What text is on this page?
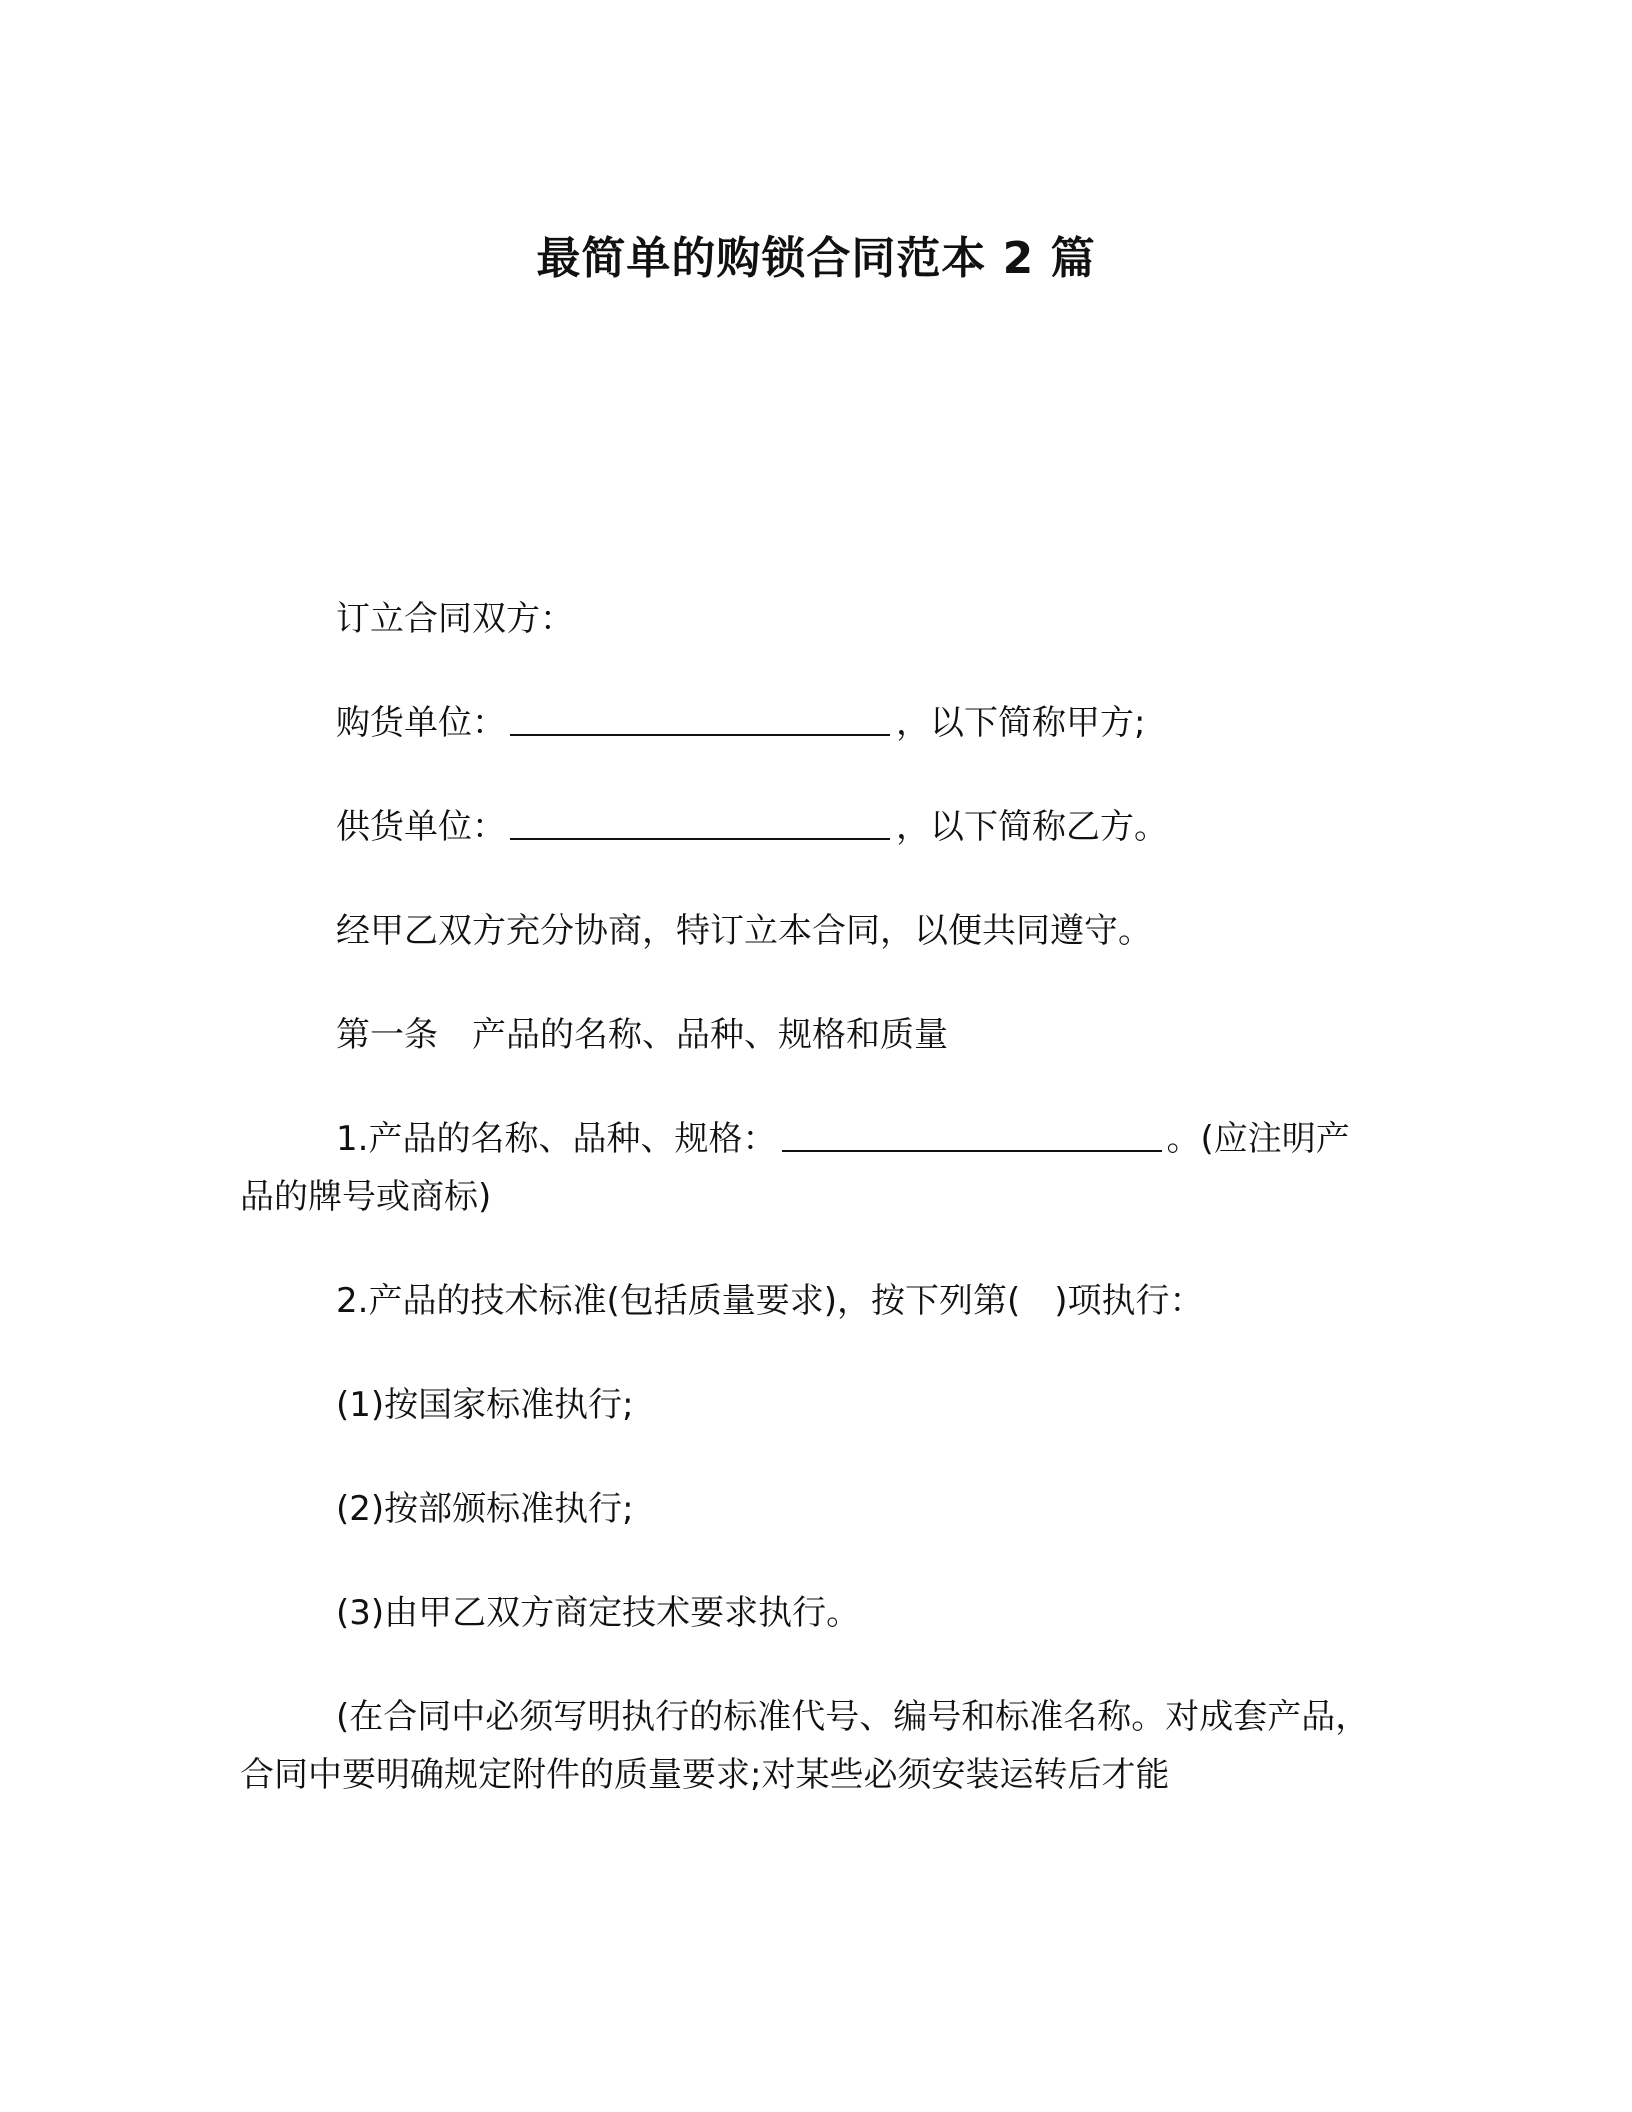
最简单的购锁合同范本 2 篇

订立合同双方：

购货单位：	，以下简称甲方;

供货单位：	，以下简称乙方。

经甲乙双方充分协商，特订立本合同，以便共同遵守。

第一条　产品的名称、品种、规格和质量

1.产品的名称、品种、规格：	。(应注明产品的牌号或商标)

2.产品的技术标准(包括质量要求)，按下列第(　)项执行：

(1)按国家标准执行;

(2)按部颁标准执行;

(3)由甲乙双方商定技术要求执行。

(在合同中必须写明执行的标准代号、编号和标准名称。对成套产品，合同中要明确规定附件的质量要求;对某些必须安装运转后才能
